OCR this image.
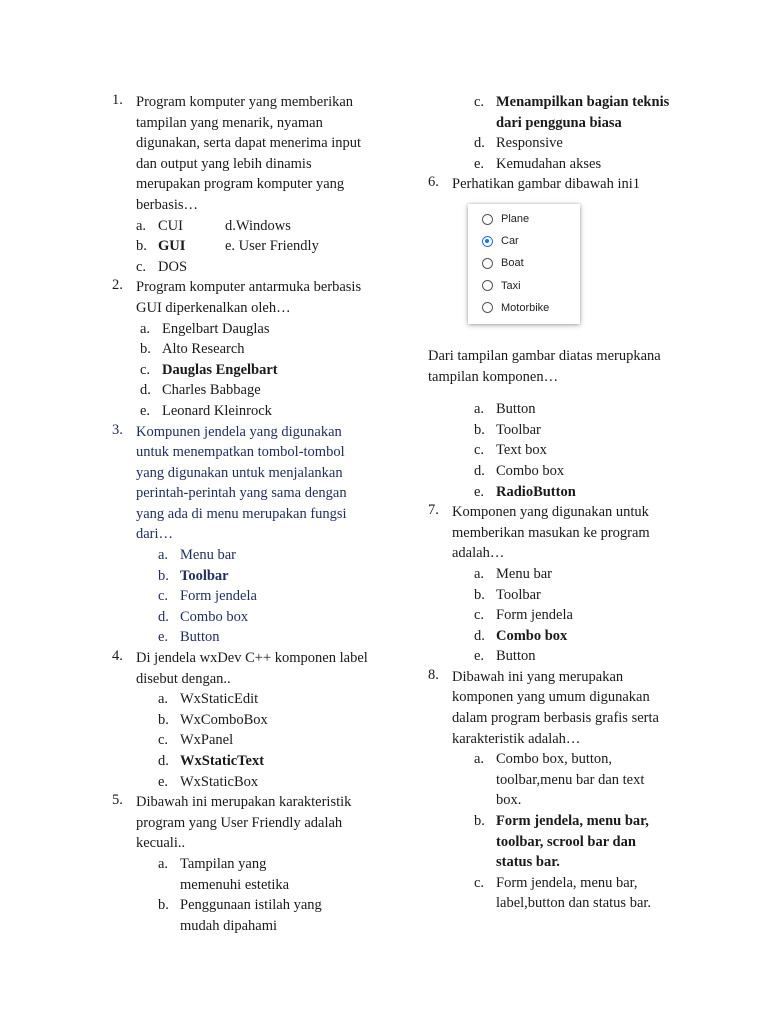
1. Program komputer yang memberikan tampilan yang menarik, nyaman digunakan, serta dapat menerima input dan output yang lebih dinamis merupakan program komputer yang berbasis…
a. CUI	d.Windows
b. GUI	e. User Friendly
c. DOS
2. Program komputer antarmuka berbasis GUI diperkenalkan oleh…
a. Engelbart Dauglas
b. Alto Research
c. Dauglas Engelbart
d. Charles Babbage
e. Leonard Kleinrock
3. Kompunen jendela yang digunakan untuk menempatkan tombol-tombol yang digunakan untuk menjalankan perintah-perintah yang sama dengan yang ada di menu merupakan fungsi dari…
a. Menu bar
b. Toolbar
c. Form jendela
d. Combo box
e. Button
4. Di jendela wxDev C++ komponen label disebut dengan..
a. WxStaticEdit
b. WxComboBox
c. WxPanel
d. WxStaticText
e. WxStaticBox
5. Dibawah ini merupakan karakteristik program yang User Friendly adalah kecuali..
a. Tampilan yang memenuhi estetika
b. Penggunaan istilah yang mudah dipahami
c. Menampilkan bagian teknis dari pengguna biasa
d. Responsive
e. Kemudahan akses
6. Perhatikan gambar dibawah ini1
Plane
Car
Boat
Taxi
Motorbike
Dari tampilan gambar diatas merupkana tampilan komponen…
a. Button
b. Toolbar
c. Text box
d. Combo box
e. RadioButton
7. Komponen yang digunakan untuk memberikan masukan ke program adalah…
a. Menu bar
b. Toolbar
c. Form jendela
d. Combo box
e. Button
8. Dibawah ini yang merupakan komponen yang umum digunakan dalam program berbasis grafis serta karakteristik adalah…
a. Combo box, button, toolbar,menu bar dan text box.
b. Form jendela, menu bar, toolbar, scrool bar dan status bar.
c. Form jendela, menu bar, label,button dan status bar.
